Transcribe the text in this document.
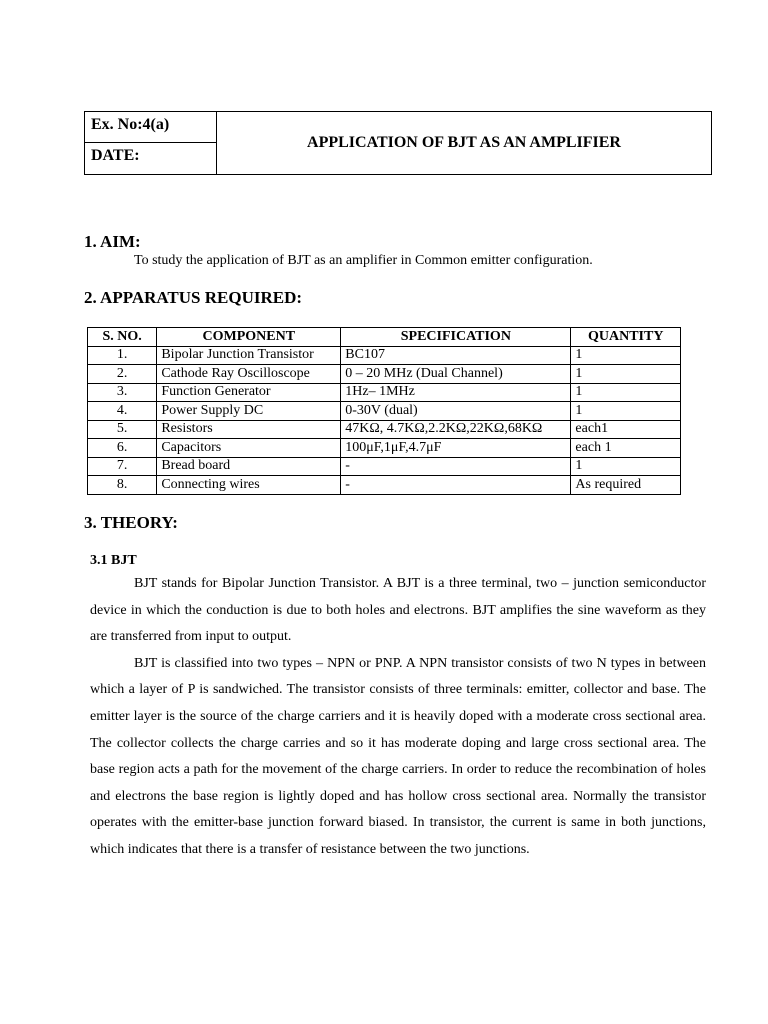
Ex. No:4(a)
DATE:
APPLICATION OF BJT AS AN AMPLIFIER
1. AIM:

To study the application of BJT as an amplifier in Common emitter configuration.

2. APPARATUS REQUIRED:
S. NO.	COMPONENT	SPECIFICATION	QUANTITY
1.	Bipolar Junction Transistor	BC107	1
2.	Cathode Ray Oscilloscope	0 – 20 MHz (Dual Channel)	1
3.	Function Generator	1Hz– 1MHz	1
4.	Power Supply DC	0-30V (dual)	1
5.	Resistors	47KΩ, 4.7KΩ,2.2KΩ,22KΩ,68KΩ	each1
6.	Capacitors	100μF,1μF,4.7μF	each 1
7.	Bread board	-	1
8.	Connecting wires	-	As required
3. THEORY:
3.1 BJT

BJT stands for Bipolar Junction Transistor. A BJT is a three terminal, two – junction semiconductor device in which the conduction is due to both holes and electrons. BJT amplifies the sine waveform as they are transferred from input to output.

BJT is classified into two types – NPN or PNP. A NPN transistor consists of two N types in between which a layer of P is sandwiched. The transistor consists of three terminals: emitter, collector and base. The emitter layer is the source of the charge carriers and it is heavily doped with a moderate cross sectional area. The collector collects the charge carries and so it has moderate doping and large cross sectional area. The base region acts a path for the movement of the charge carriers. In order to reduce the recombination of holes and electrons the base region is lightly doped and has hollow cross sectional area. Normally the transistor operates with the emitter-base junction forward biased. In transistor, the current is same in both junctions, which indicates that there is a transfer of resistance between the two junctions.
